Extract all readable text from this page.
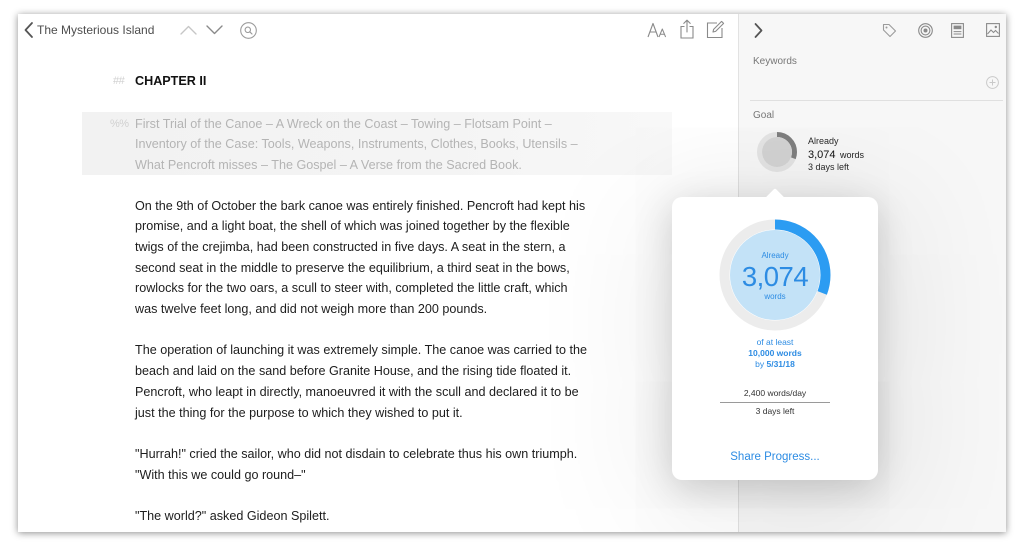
The Mysterious Island
## CHAPTER II
%% First Trial of the Canoe – A Wreck on the Coast – Towing – Flotsam Point –
Inventory of the Case: Tools, Weapons, Instruments, Clothes, Books, Utensils –
What Pencroft misses – The Gospel – A Verse from the Sacred Book.
On the 9th of October the bark canoe was entirely finished. Pencroft had kept his
promise, and a light boat, the shell of which was joined together by the flexible
twigs of the crejimba, had been constructed in five days. A seat in the stern, a
second seat in the middle to preserve the equilibrium, a third seat in the bows,
rowlocks for the two oars, a scull to steer with, completed the little craft, which
was twelve feet long, and did not weigh more than 200 pounds.
The operation of launching it was extremely simple. The canoe was carried to the
beach and laid on the sand before Granite House, and the rising tide floated it.
Pencroft, who leapt in directly, manoeuvred it with the scull and declared it to be
just the thing for the purpose to which they wished to put it.
"Hurrah!" cried the sailor, who did not disdain to celebrate thus his own triumph.
"With this we could go round–"
"The world?" asked Gideon Spilett.
Keywords
Goal
Already
3,074 words
3 days left
Already
3,074
words
of at least
10,000 words
by 5/31/18
2,400 words/day
3 days left
Share Progress...
